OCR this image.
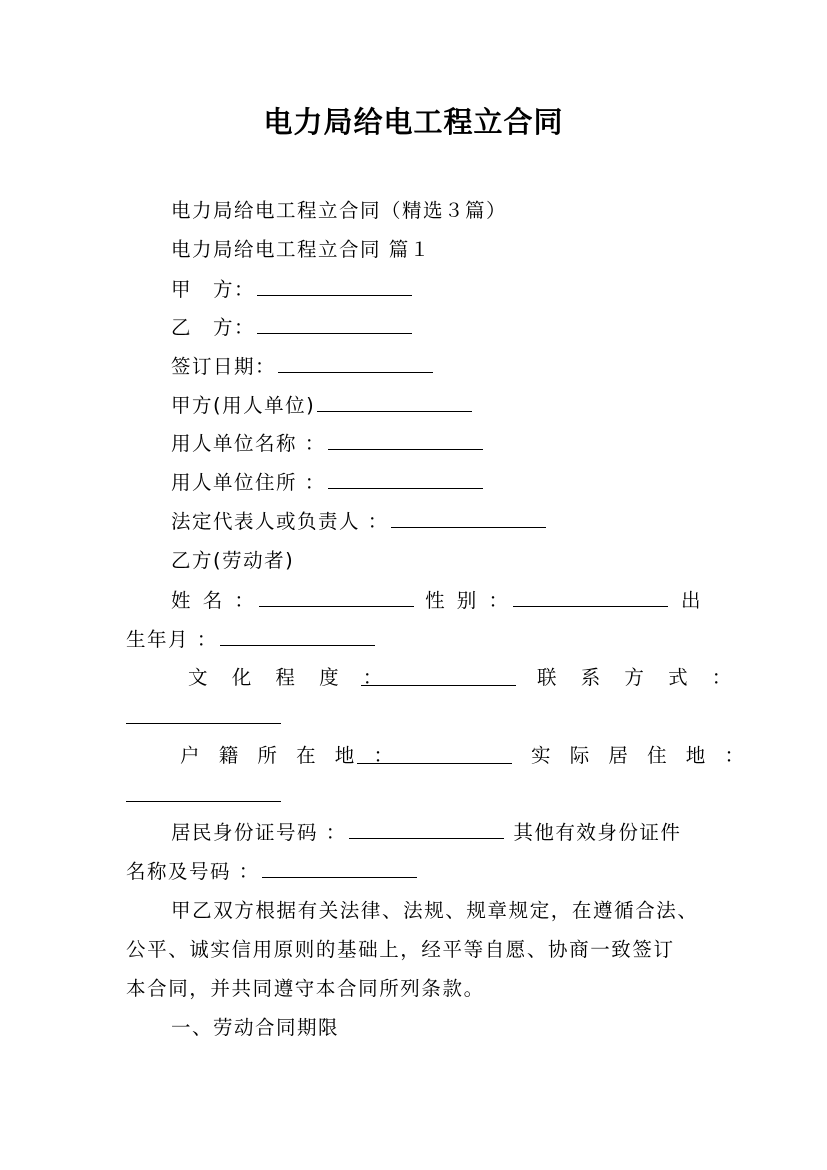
电力局给电工程立合同

电力局给电工程立合同（精选３篇）

电力局给电工程立合同 篇１

甲　方：

乙　方：

签订日期：

甲方(用人单位)

用人单位名称 ：

用人单位住所 ：

法定代表人或负责人 ：

乙方(劳动者)

姓 名 ：	性 别 ：	出

生年月 ：

文 化 程 度 ：	联 系 方 式 ：

户 籍 所 在 地 ：	实 际 居 住 地 ：

居民身份证号码 ：	其他有效身份证件

名称及号码 ：

甲乙双方根据有关法律、法规、规章规定，在遵循合法、

公平、诚实信用原则的基础上，经平等自愿、协商一致签订

本合同，并共同遵守本合同所列条款。

一、劳动合同期限
